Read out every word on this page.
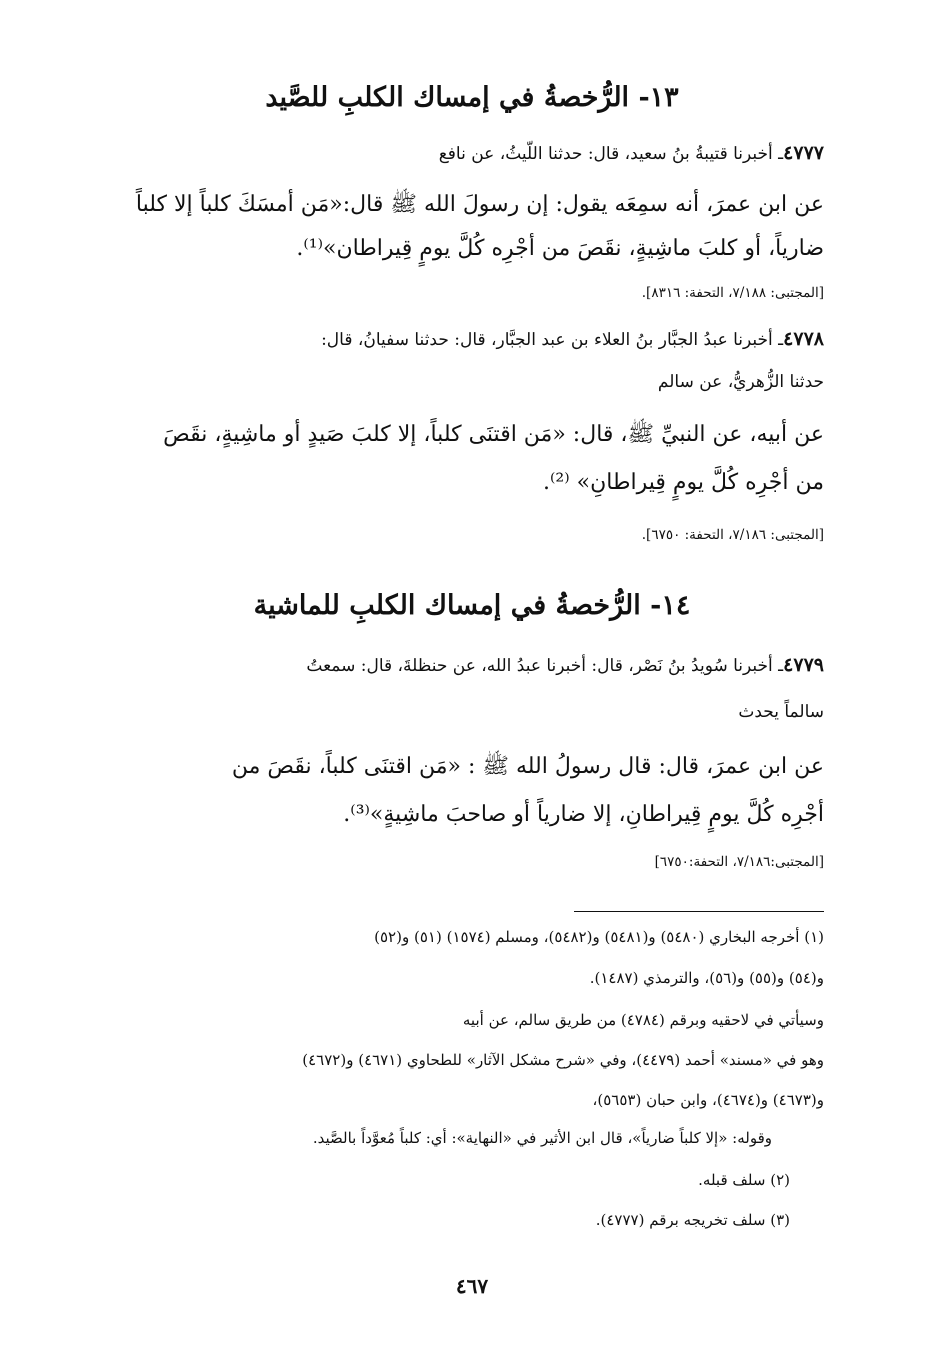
١٣- الرُّخصةُ في إمساك الكلبِ للصَّيد
٤٧٧٧ـ أخبرنا قتيبةُ بنُ سعيد، قال: حدثنا اللّيثُ، عن نافع
عن ابن عمرَ، أنه سمِعَه يقول: إن رسولَ الله ﷺ قال:«مَن أمسَكَ كلباً إلا كلباً
ضارياً، أو كلبَ ماشِيةٍ، نقَصَ من أجْرِه كُلَّ يومٍ قِيراطان»⁽¹⁾.
[المجتبى: ٧/١٨٨، التحفة: ٨٣١٦].
٤٧٧٨ـ أخبرنا عبدُ الجبَّار بنُ العلاء بن عبد الجبَّار، قال: حدثنا سفيانُ، قال:
حدثنا الزُّهريُّ، عن سالم
عن أبيه، عن النبيِّ ﷺ، قال: «مَن اقتنَى كلباً، إلا كلبَ صَيدٍ أو ماشِيةٍ، نقَصَ
من أجْرِه كُلَّ يومٍ قِيراطانِ» ⁽²⁾.
[المجتبى: ٧/١٨٦، التحفة: ٦٧٥٠].
١٤- الرُّخصةُ في إمساك الكلبِ للماشية
٤٧٧٩ـ أخبرنا سُويدُ بنُ نَصْر، قال: أخبرنا عبدُ الله، عن حنظلةَ، قال: سمعتُ
سالماً يحدث
عن ابن عمرَ، قال: قال رسولُ الله ﷺ : «مَن اقتنَى كلباً، نقَصَ من
أجْرِه كُلَّ يومٍ قِيراطانِ، إلا ضارياً أو صاحبَ ماشِيةٍ»⁽³⁾.
[المجتبى:٧/١٨٦، التحفة:٦٧٥٠]
(١) أخرجه البخاري (٥٤٨٠) و(٥٤٨١) و(٥٤٨٢)، ومسلم (١٥٧٤) (٥١) و(٥٢)
و(٥٤) و(٥٥) و(٥٦)، والترمذي (١٤٨٧).
وسيأتي في لاحقيه وبرقم (٤٧٨٤) من طريق سالم، عن أبيه
وهو في «مسند» أحمد (٤٤٧٩)، وفي «شرح مشكل الآثار» للطحاوي (٤٦٧١) و(٤٦٧٢)
و(٤٦٧٣) و(٤٦٧٤)، وابن حبان (٥٦٥٣)،
وقوله: «إلا كلباً ضارياً»، قال ابن الأثير في «النهاية»: أي: كلباً مُعوَّداً بالصَّيد.
(٢) سلف قبله.
(٣) سلف تخريجه برقم (٤٧٧٧).
٤٦٧
